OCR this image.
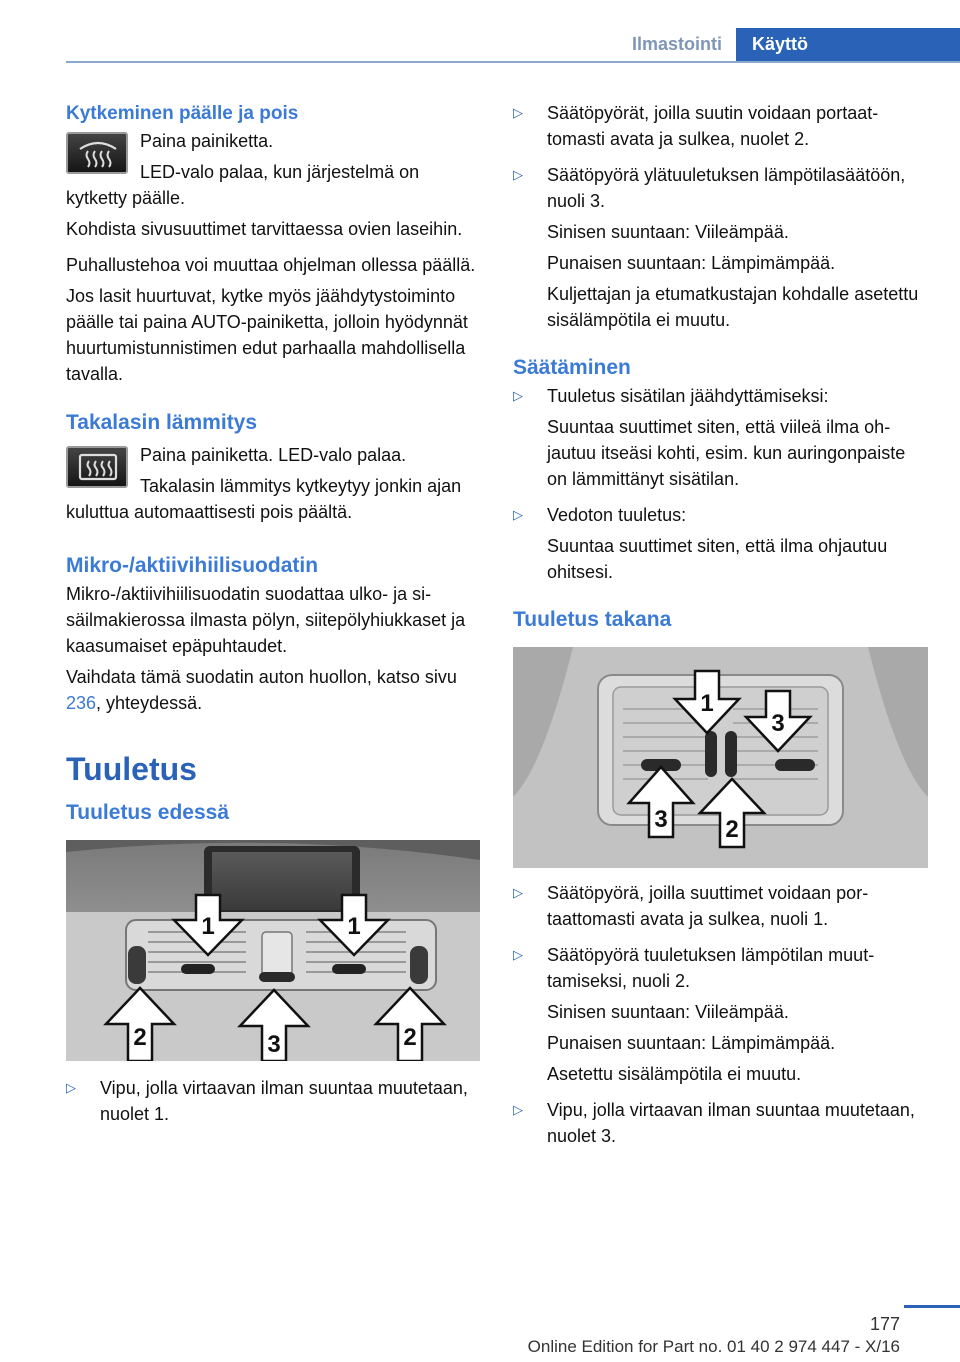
Ilmastointi	Käyttö
Kytkeminen päälle ja pois

Paina painiketta.

LED-valo palaa, kun järjestelmä on kytketty päälle.

Kohdista sivusuuttimet tarvittaessa ovien laseihin.

Puhallustehoa voi muuttaa ohjelman ollessa päällä.

Jos lasit huurtuvat, kytke myös jäähdytystoiminto päälle tai paina AUTO-painiketta, jolloin hyödynnät huurtumistunnistimen edut parhaalla mahdollisella tavalla.

Takalasin lämmitys

Paina painiketta. LED-valo palaa.

Takalasin lämmitys kytkeytyy jonkin ajan kuluttua automaattisesti pois päältä.

Mikro-/aktiivihiilisuodatin

Mikro-/aktiivihiilisuodatin suodattaa ulko- ja sisäilmakierossa ilmasta pölyn, siitepölyhiukkaset ja kaasumaiset epäpuhtaudet.

Vaihdata tämä suodatin auton huollon, katso sivu 236, yhteydessä.

Tuuletus
Tuuletus edessä
1	1
2	3	2
▷ Vipu, jolla virtaavan ilman suuntaa muutetaan, nuolet 1.
▷ Säätöpyörät, joilla suutin voidaan portaattomasti avata ja sulkea, nuolet 2.
▷ Säätöpyörä ylätuuletuksen lämpötilasäätöön, nuoli 3.

Sinisen suuntaan: Viileämpää.

Punaisen suuntaan: Lämpimämpää.

Kuljettajan ja etumatkustajan kohdalle asetettu sisälämpötila ei muutu.

Säätäminen
▷ Tuuletus sisätilan jäähdyttämiseksi:

Suuntaa suuttimet siten, että viileä ilma ohjautuu itseäsi kohti, esim. kun auringonpaiste on lämmittänyt sisätilan.

▷ Vedoton tuuletus:

Suuntaa suuttimet siten, että ilma ohjautuu ohitsesi.

Tuuletus takana
1
3
3 2
▷ Säätöpyörä, joilla suuttimet voidaan portaattomasti avata ja sulkea, nuoli 1.
▷ Säätöpyörä tuuletuksen lämpötilan muuttamiseksi, nuoli 2.

Sinisen suuntaan: Viileämpää.

Punaisen suuntaan: Lämpimämpää.

Asetettu sisälämpötila ei muutu.

▷ Vipu, jolla virtaavan ilman suuntaa muutetaan, nuolet 3.
177
Online Edition for Part no. 01 40 2 974 447 - X/16
